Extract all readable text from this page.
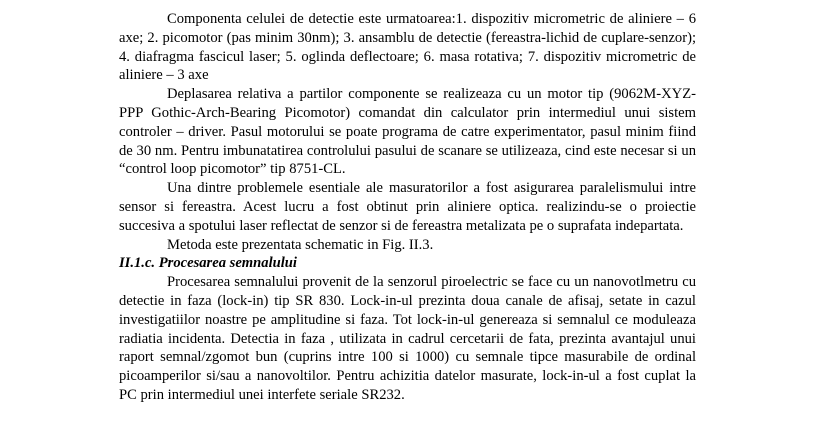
Componenta celulei de detectie este urmatoarea:1. dispozitiv micrometric de aliniere – 6 axe; 2. picomotor (pas minim 30nm); 3. ansamblu de detectie (fereastra-lichid de cuplare-senzor); 4. diafragma fascicul laser; 5. oglinda deflectoare; 6. masa rotativa; 7. dispozitiv micrometric de aliniere – 3 axe

Deplasarea relativa a partilor componente se realizeaza cu un motor tip (9062M-XYZ-PPP Gothic-Arch-Bearing Picomotor) comandat din calculator prin intermediul unui sistem controler – driver. Pasul motorului se poate programa de catre experimentator, pasul minim fiind de 30 nm. Pentru imbunatatirea controlului pasului de scanare se utilizeaza, cind este necesar si un “control loop picomotor” tip 8751-CL.

Una dintre problemele esentiale ale masuratorilor a fost asigurarea paralelismului intre sensor si fereastra. Acest lucru a fost obtinut prin aliniere optica. realizindu-se o proiectie succesiva a spotului laser reflectat de senzor si de fereastra metalizata pe o suprafata indepartata.

Metoda este prezentata schematic in Fig. II.3.

II.1.c. Procesarea semnalului

Procesarea semnalului provenit de la senzorul piroelectric se face cu un nanovotlmetru cu detectie in faza (lock-in) tip SR 830. Lock-in-ul prezinta doua canale de afisaj, setate in cazul investigatiilor noastre pe amplitudine si faza. Tot lock-in-ul genereaza si semnalul ce moduleaza radiatia incidenta. Detectia in faza , utilizata in cadrul cercetarii de fata, prezinta avantajul unui raport semnal/zgomot bun (cuprins intre 100 si 1000) cu semnale tipce masurabile de ordinal picoamperilor si/sau a nanovoltilor. Pentru achizitia datelor masurate, lock-in-ul a fost cuplat la PC prin intermediul unei interfete seriale SR232.
